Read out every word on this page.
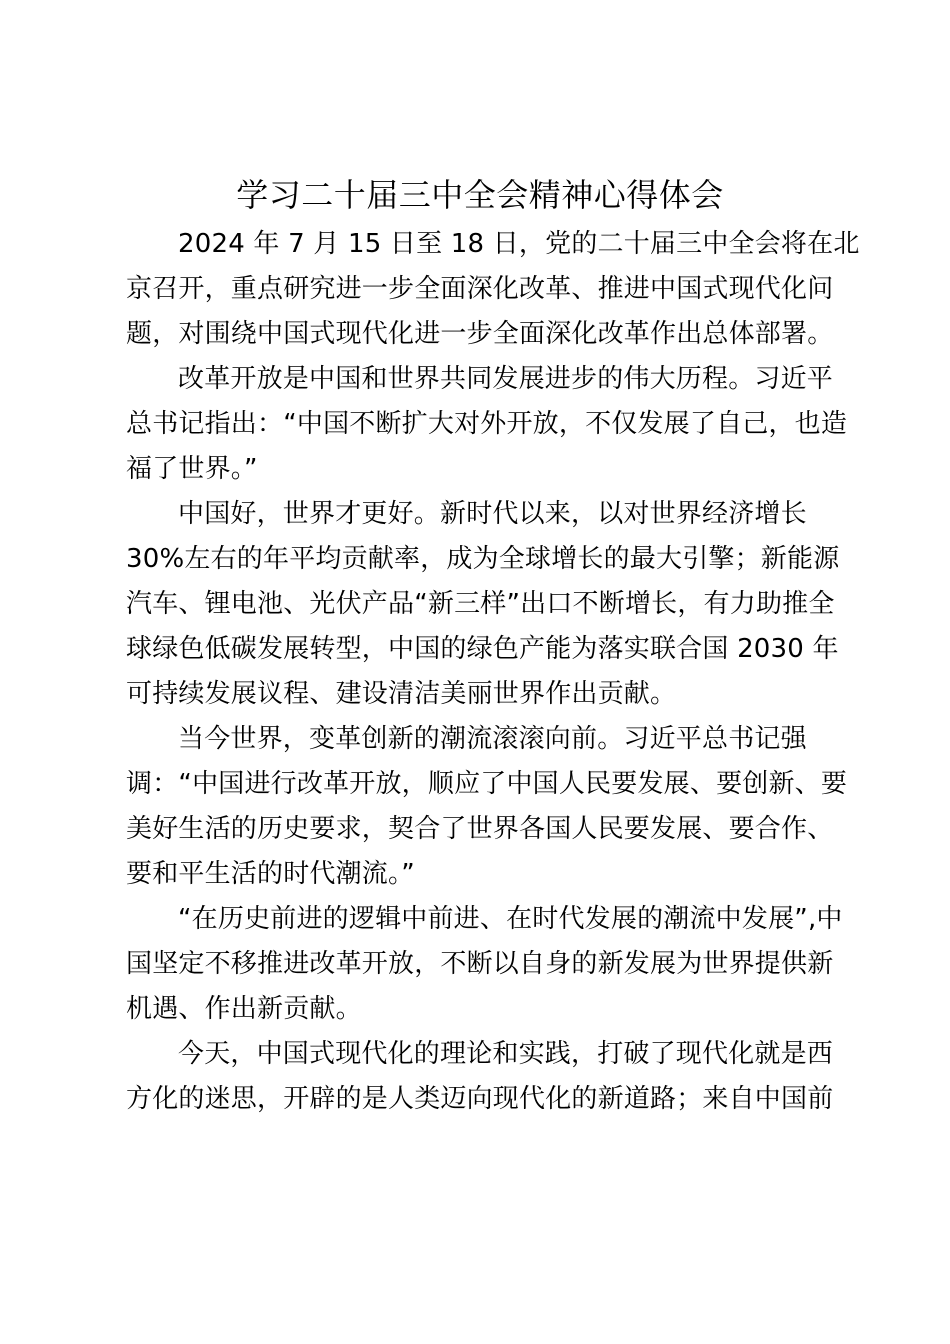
学习二十届三中全会精神心得体会

2024 年 7 月 15 日至 18 日，党的二十届三中全会将在北
京召开，重点研究进一步全面深化改革、推进中国式现代化问
题，对围绕中国式现代化进一步全面深化改革作出总体部署。

改革开放是中国和世界共同发展进步的伟大历程。习近平
总书记指出：“中国不断扩大对外开放，不仅发展了自己，也造
福了世界。”

中国好，世界才更好。新时代以来，以对世界经济增长
30%左右的年平均贡献率，成为全球增长的最大引擎；新能源
汽车、锂电池、光伏产品“新三样”出口不断增长，有力助推全
球绿色低碳发展转型，中国的绿色产能为落实联合国 2030 年
可持续发展议程、建设清洁美丽世界作出贡献。

当今世界，变革创新的潮流滚滚向前。习近平总书记强
调：“中国进行改革开放，顺应了中国人民要发展、要创新、要
美好生活的历史要求，契合了世界各国人民要发展、要合作、
要和平生活的时代潮流。”

“在历史前进的逻辑中前进、在时代发展的潮流中发展”,中
国坚定不移推进改革开放，不断以自身的新发展为世界提供新
机遇、作出新贡献。

今天，中国式现代化的理论和实践，打破了现代化就是西
方化的迷思，开辟的是人类迈向现代化的新道路；来自中国前
